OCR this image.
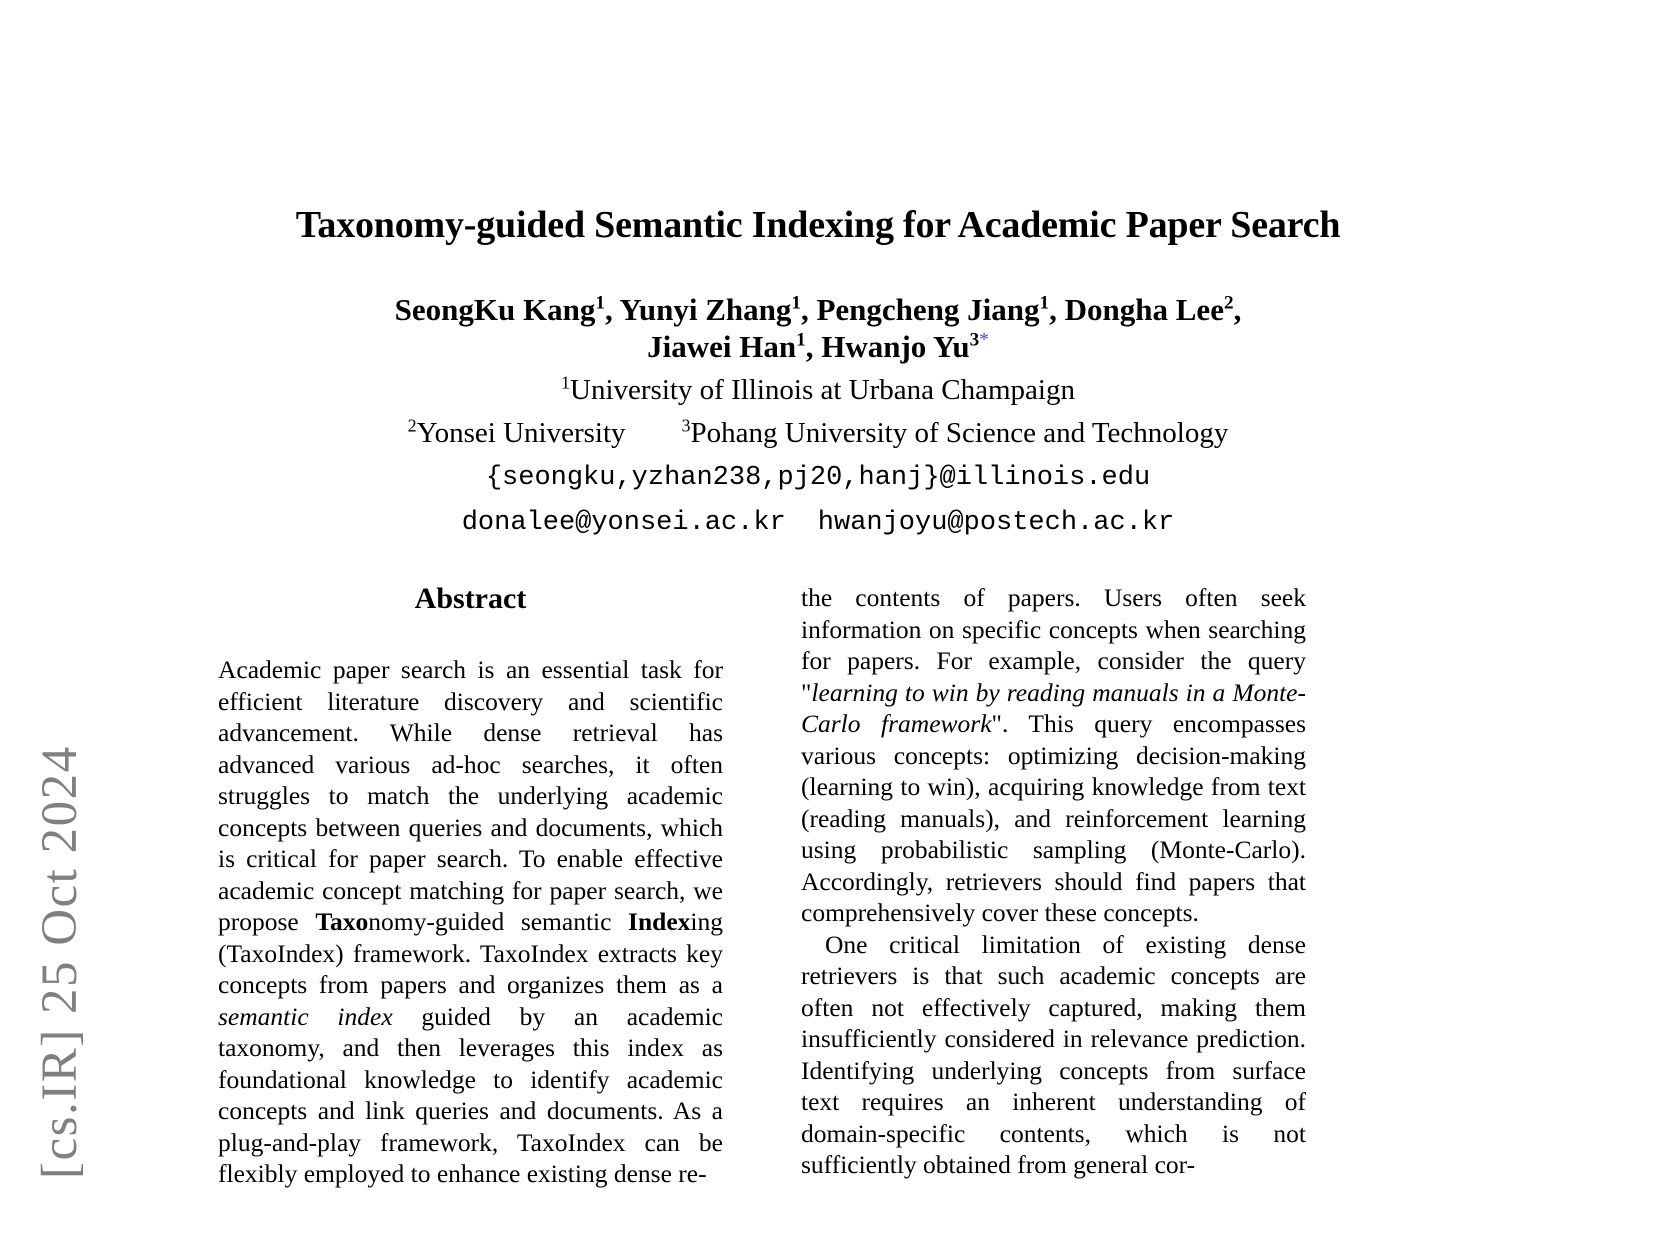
[cs.IR] 25 Oct 2024
Taxonomy-guided Semantic Indexing for Academic Paper Search
SeongKu Kang$^1$, Yunyi Zhang$^1$, Pengcheng Jiang$^1$, Dongha Lee$^2$,
Jiawei Han$^1$, Hwanjo $Yu^{3*}$
$^1$University of Illinois at Urbana Champaign
$^2$Yonsei University	$^3$Pohang University of Science and Technology
{seongku,yzhan238,pj20,hanj}@illinois.edu
donalee@yonsei.ac.kr hwanjoyu@postech.ac.kr
Abstract

Academic paper search is an essential task for efficient literature discovery and scientific advancement. While dense retrieval has advanced various ad-hoc searches, it often struggles to match the underlying academic concepts between queries and documents, which is critical for paper search. To enable effective academic concept matching for paper search, we propose Taxonomy-guided semantic Indexing (TaxoIndex) framework. TaxoIndex extracts key concepts from papers and organizes them as a semantic index guided by an academic taxonomy, and then leverages this index as foundational knowledge to identify academic concepts and link queries and documents. As a plug-and-play framework, TaxoIndex can be flexibly employed to enhance existing dense re-

the contents of papers. Users often seek information on specific concepts when searching for papers. For example, consider the query "learning to win by reading manuals in a Monte-Carlo framework". This query encompasses various concepts: optimizing decision-making (learning to win), acquiring knowledge from text (reading manuals), and reinforcement learning using probabilistic sampling (Monte-Carlo). Accordingly, retrievers should find papers that comprehensively cover these concepts.

One critical limitation of existing dense retrievers is that such academic concepts are often not effectively captured, making them insufficiently considered in relevance prediction. Identifying underlying concepts from surface text requires an inherent understanding of domain-specific contents, which is not sufficiently obtained from general cor-
